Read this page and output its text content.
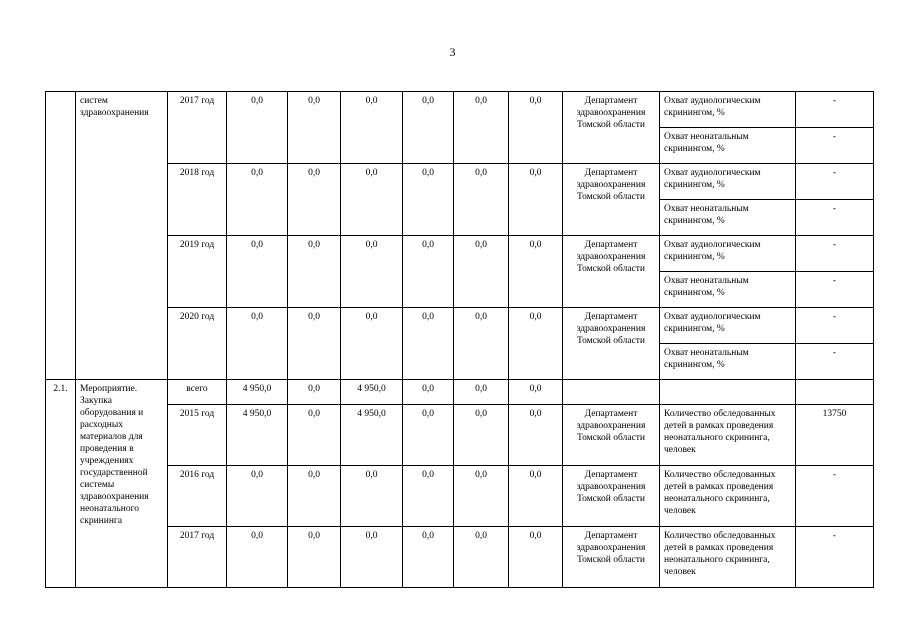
3
	систем здравоохранения	2017 год	0,0	0,0	0,0	0,0	0,0	0,0	Департамент здравоохранения Томской области	Охват аудиологическим скринингом, %	-
										Охват неонатальным скринингом, %	-
		2018 год	0,0	0,0	0,0	0,0	0,0	0,0	Департамент здравоохранения Томской области	Охват аудиологическим скринингом, %	-
										Охват неонатальным скринингом, %	-
		2019 год	0,0	0,0	0,0	0,0	0,0	0,0	Департамент здравоохранения Томской области	Охват аудиологическим скринингом, %	-
										Охват неонатальным скринингом, %	-
		2020 год	0,0	0,0	0,0	0,0	0,0	0,0	Департамент здравоохранения Томской области	Охват аудиологическим скринингом, %	-
										Охват неонатальным скринингом, %	-
2.1.	Мероприятие. Закупка оборудования и расходных материалов для проведения в учреждениях государственной системы здравоохранения неонатального скрининга	всего	4 950,0	0,0	4 950,0	0,0	0,0	0,0			
		2015 год	4 950,0	0,0	4 950,0	0,0	0,0	0,0	Департамент здравоохранения Томской области	Количество обследованных детей в рамках проведения неонатального скрининга, человек	13750
		2016 год	0,0	0,0	0,0	0,0	0,0	0,0	Департамент здравоохранения Томской области	Количество обследованных детей в рамках проведения неонатального скрининга, человек	-
		2017 год	0,0	0,0	0,0	0,0	0,0	0,0	Департамент здравоохранения Томской области	Количество обследованных детей в рамках проведения неонатального скрининга, человек	-
